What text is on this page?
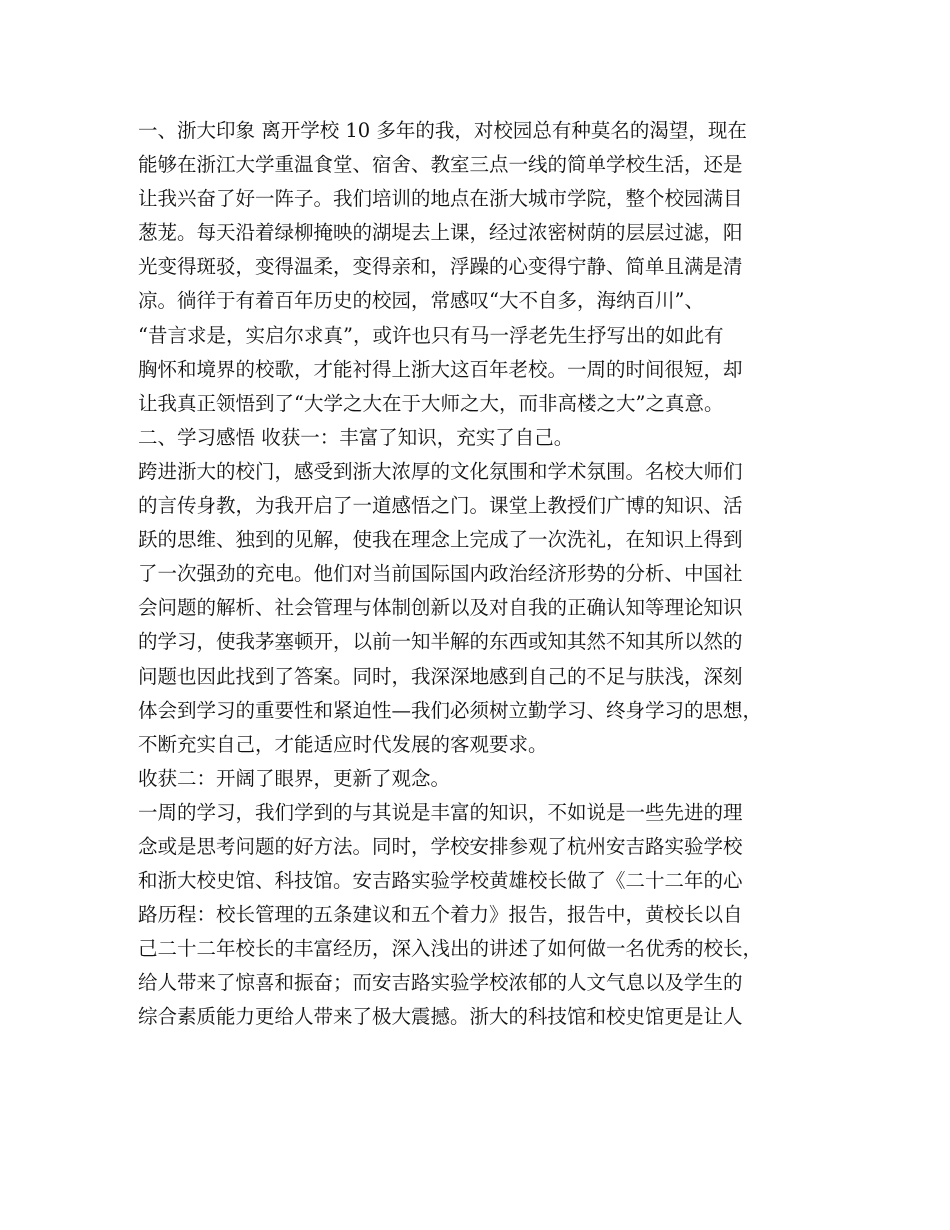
一、浙大印象 离开学校 10 多年的我，对校园总有种莫名的渴望，现在
能够在浙江大学重温食堂、宿舍、教室三点一线的简单学校生活，还是
让我兴奋了好一阵子。我们培训的地点在浙大城市学院，整个校园满目
葱茏。每天沿着绿柳掩映的湖堤去上课，经过浓密树荫的层层过滤，阳
光变得斑驳，变得温柔，变得亲和，浮躁的心变得宁静、简单且满是清
凉。徜徉于有着百年历史的校园，常感叹“大不自多，海纳百川”、
“昔言求是，实启尔求真”，或许也只有马一浮老先生抒写出的如此有
胸怀和境界的校歌，才能衬得上浙大这百年老校。一周的时间很短，却
让我真正领悟到了“大学之大在于大师之大，而非高楼之大”之真意。
二、学习感悟 收获一：丰富了知识，充实了自己。
跨进浙大的校门，感受到浙大浓厚的文化氛围和学术氛围。名校大师们
的言传身教，为我开启了一道感悟之门。课堂上教授们广博的知识、活
跃的思维、独到的见解，使我在理念上完成了一次洗礼，在知识上得到
了一次强劲的充电。他们对当前国际国内政治经济形势的分析、中国社
会问题的解析、社会管理与体制创新以及对自我的正确认知等理论知识
的学习，使我茅塞顿开，以前一知半解的东西或知其然不知其所以然的
问题也因此找到了答案。同时，我深深地感到自己的不足与肤浅，深刻
体会到学习的重要性和紧迫性—我们必须树立勤学习、终身学习的思想，
不断充实自己，才能适应时代发展的客观要求。
收获二：开阔了眼界，更新了观念。
一周的学习，我们学到的与其说是丰富的知识，不如说是一些先进的理
念或是思考问题的好方法。同时，学校安排参观了杭州安吉路实验学校
和浙大校史馆、科技馆。安吉路实验学校黄雄校长做了《二十二年的心
路历程：校长管理的五条建议和五个着力》报告，报告中，黄校长以自
己二十二年校长的丰富经历，深入浅出的讲述了如何做一名优秀的校长，
给人带来了惊喜和振奋；而安吉路实验学校浓郁的人文气息以及学生的
综合素质能力更给人带来了极大震撼。浙大的科技馆和校史馆更是让人
